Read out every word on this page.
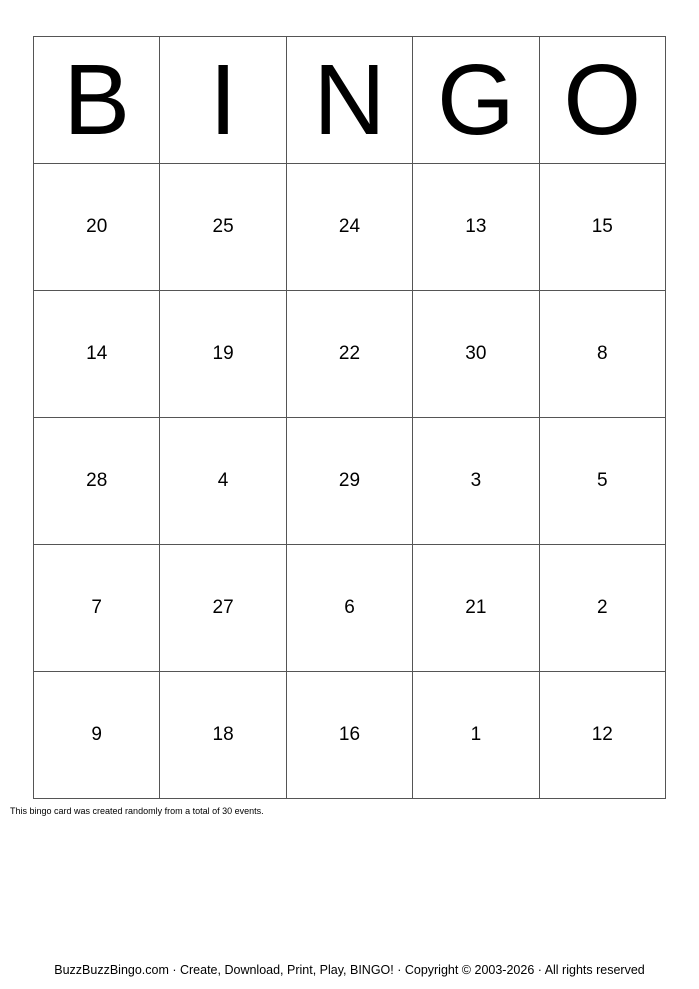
B	I	N	G	O
20	25	24	13	15
14	19	22	30	8
28	4	29	3	5
7	27	6	21	2
9	18	16	1	12
This bingo card was created randomly from a total of 30 events.
BuzzBuzzBingo.com · Create, Download, Print, Play, BINGO! · Copyright © 2003-2026 · All rights reserved
